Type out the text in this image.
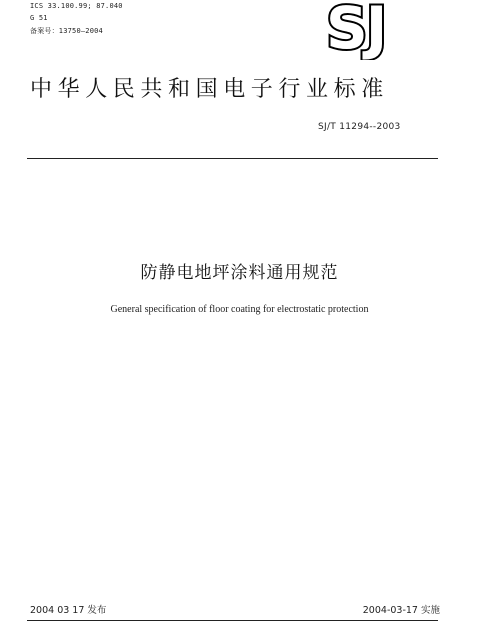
ICS 33.100.99; 87.040
G 51
备案号：13750—2004	SJ
中华人民共和国电子行业标准
SJ/T 11294--2003
防静电地坪涂料通用规范
General specification of floor coating for electrostatic protection
2004 03 17 发布	2004-03-17 实施
